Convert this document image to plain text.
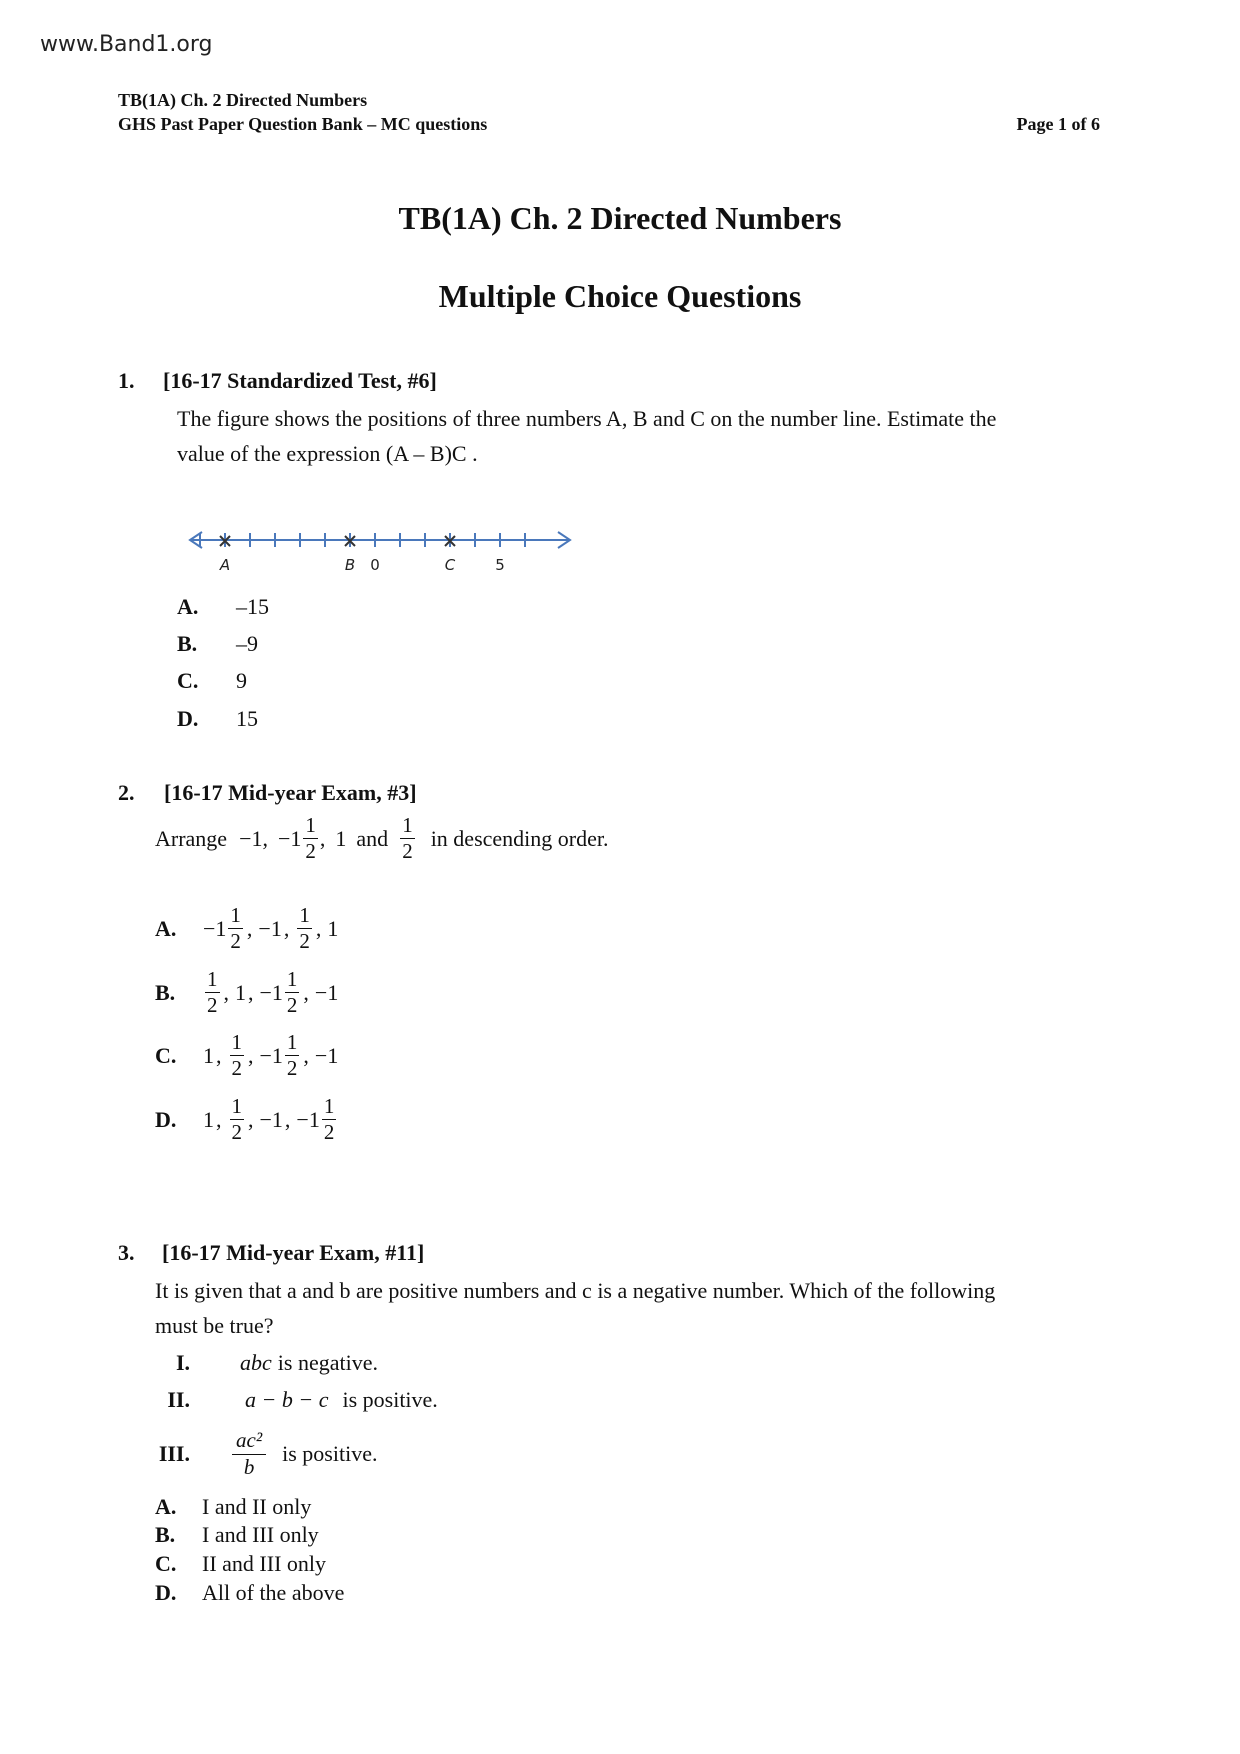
www.Band1.org
TB(1A) Ch. 2 Directed Numbers
GHS Past Paper Question Bank – MC questions	Page 1 of 6
TB(1A) Ch. 2 Directed Numbers
Multiple Choice Questions
1. [16-17 Standardized Test, #6]
The figure shows the positions of three numbers A, B and C on the number line. Estimate the
value of the expression (A – B)C .
A	B 0	C	5
A.	–15
B.	–9
C.	9
D.	15
2. [16-17 Mid-year Exam, #3]
Arrange −1, $-1 \frac{1}{2}$ , 1 and $\frac{1}{2}$ in descending order.
A.	$-1 \frac{1}{2}$ , −1 , $\frac{1}{2}$ , 1
B.	$\frac{1}{2}$ , 1 , $-1 \frac{1}{2}$ , −1
C.	1 , $\frac{1}{2}$ , $-1 \frac{1}{2}$ , −1
D.	1 , $\frac{1}{2}$ , −1 , $-1 \frac{1}{2}$
3. [16-17 Mid-year Exam, #11]
It is given that a and b are positive numbers and c is a negative number. Which of the following
must be true?
I. abc is negative.
II.	a − b − c is positive.
III. $\frac{\text{ac²}}{b}$ is positive.
A.	I and II only
B.	I and III only
C.	II and III only
D.	All of the above
